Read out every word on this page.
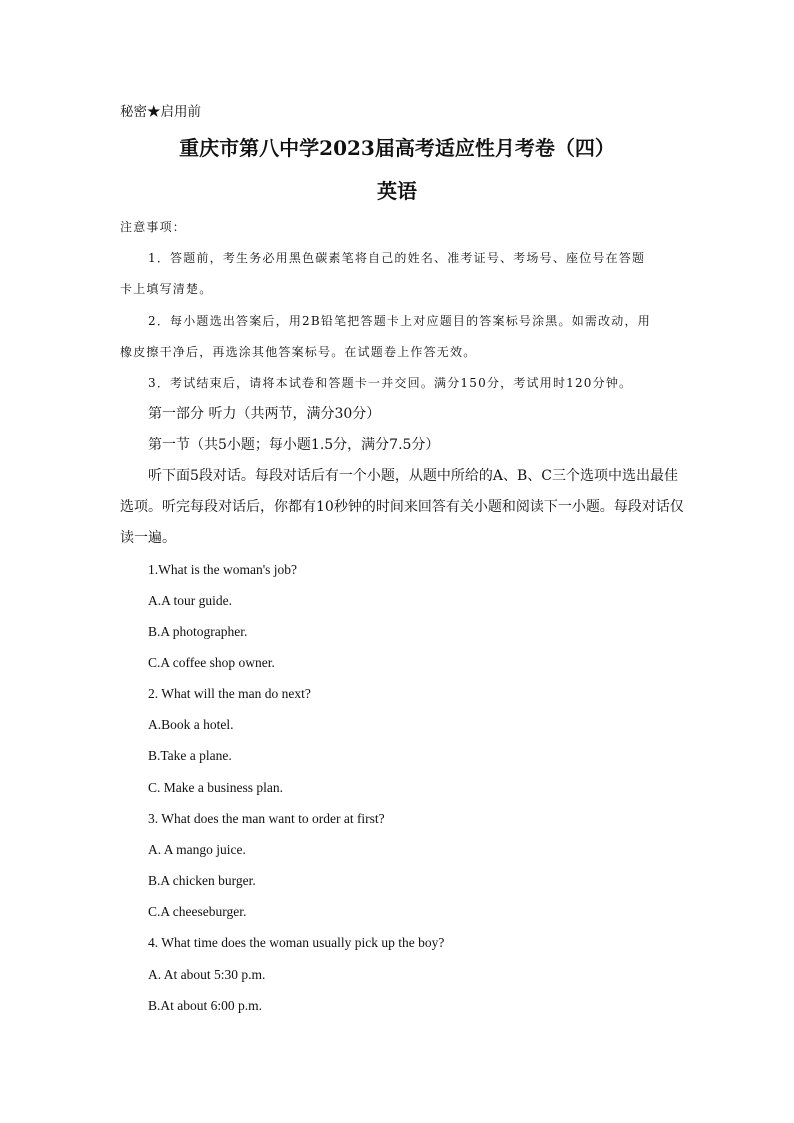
秘密★启用前
重庆市第八中学2023届高考适应性月考卷（四）
英语
注意事项：
1．答题前，考生务必用黑色碳素笔将自己的姓名、准考证号、考场号、座位号在答题
卡上填写清楚。
2．每小题选出答案后，用2B铅笔把答题卡上对应题目的答案标号涂黑。如需改动，用
橡皮擦干净后，再选涂其他答案标号。在试题卷上作答无效。
3．考试结束后，请将本试卷和答题卡一并交回。满分150分，考试用时120分钟。
第一部分 听力（共两节，满分30分）
第一节（共5小题；每小题1.5分，满分7.5分）
听下面5段对话。每段对话后有一个小题，从题中所给的A、B、C三个选项中选出最佳
选项。听完每段对话后，你都有10秒钟的时间来回答有关小题和阅读下一小题。每段对话仅
读一遍。
1.What is the woman's job?
A.A tour guide.
B.A photographer.
C.A coffee shop owner.
2. What will the man do next?
A.Book a hotel.
B.Take a plane.
C. Make a business plan.
3. What does the man want to order at first?
A. A mango juice.
B.A chicken burger.
C.A cheeseburger.
4. What time does the woman usually pick up the boy?
A. At about 5:30 p.m.
B.At about 6:00 p.m.
